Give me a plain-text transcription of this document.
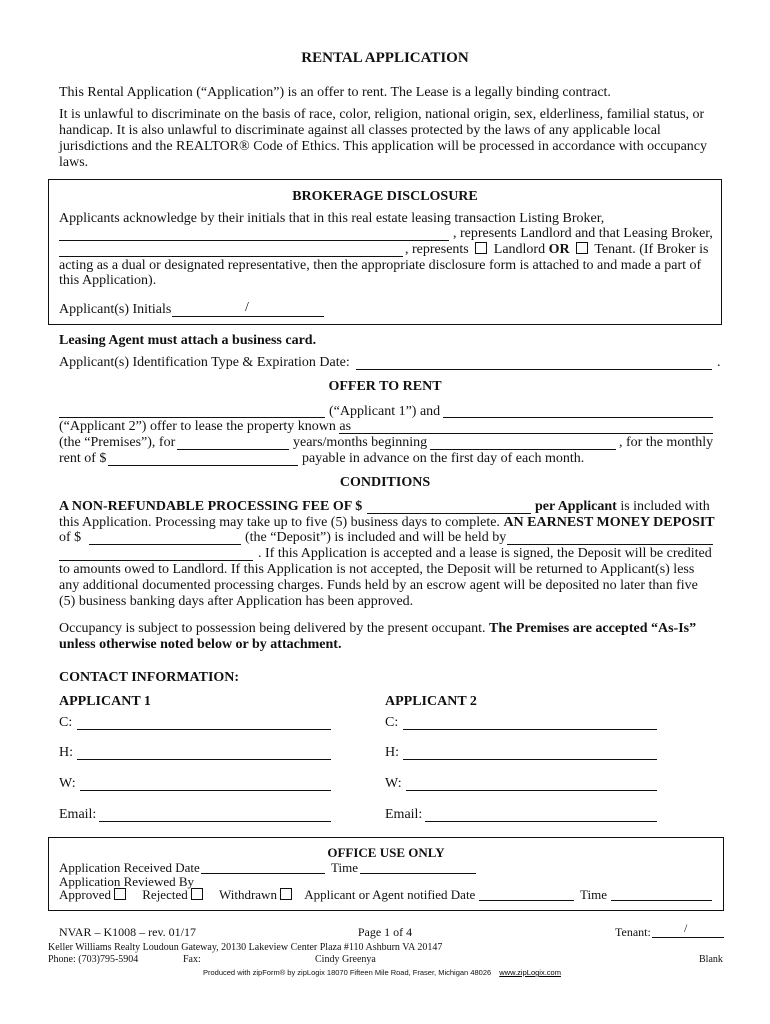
RENTAL APPLICATION
This Rental Application (“Application”) is an offer to rent. The Lease is a legally binding contract.
It is unlawful to discriminate on the basis of race, color, religion, national origin, sex, elderliness, familial status, or
handicap. It is also unlawful to discriminate against all classes protected by the laws of any applicable local
jurisdictions and the REALTOR® Code of Ethics. This application will be processed in accordance with occupancy
laws.
BROKERAGE DISCLOSURE
Applicants acknowledge by their initials that in this real estate leasing transaction Listing Broker,
, represents Landlord and that Leasing Broker,
, represents Landlord OR Tenant. (If Broker is
acting as a dual or designated representative, then the appropriate disclosure form is attached to and made a part of
this Application).
Applicant(s) Initials	/
Leasing Agent must attach a business card.
Applicant(s) Identification Type & Expiration Date:	.
OFFER TO RENT
(“Applicant 1”) and
(“Applicant 2”) offer to lease the property known as
(the “Premises”), for	years/months beginning	, for the monthly
rent of $	payable in advance on the first day of each month.
CONDITIONS
A NON-REFUNDABLE PROCESSING FEE OF $	per Applicant is included with
this Application. Processing may take up to five (5) business days to complete. AN EARNEST MONEY DEPOSIT
of $	(the “Deposit”) is included and will be held by
. If this Application is accepted and a lease is signed, the Deposit will be credited
to amounts owed to Landlord. If this Application is not accepted, the Deposit will be returned to Applicant(s) less
any additional documented processing charges. Funds held by an escrow agent will be deposited no later than five
(5) business banking days after Application has been approved.
Occupancy is subject to possession being delivered by the present occupant. The Premises are accepted “As-Is”
unless otherwise noted below or by attachment.
CONTACT INFORMATION:
APPLICANT 1	APPLICANT 2
C:	C:
H:	H:
W:	W:
Email:	Email:
OFFICE USE ONLY
Application Received Date	Time
Application Reviewed By
Approved Rejected Withdrawn Applicant or Agent notified Date	Time
NVAR – K1008 – rev. 01/17	Page 1 of 4	Tenant:	/
Keller Williams Realty Loudoun Gateway, 20130 Lakeview Center Plaza #110 Ashburn VA 20147
Phone: (703)795-5904	Fax:	Cindy Greenya	Blank
Produced with zipForm® by zipLogix 18070 Fifteen Mile Road, Fraser, Michigan 48026 www.zipLogix.com
